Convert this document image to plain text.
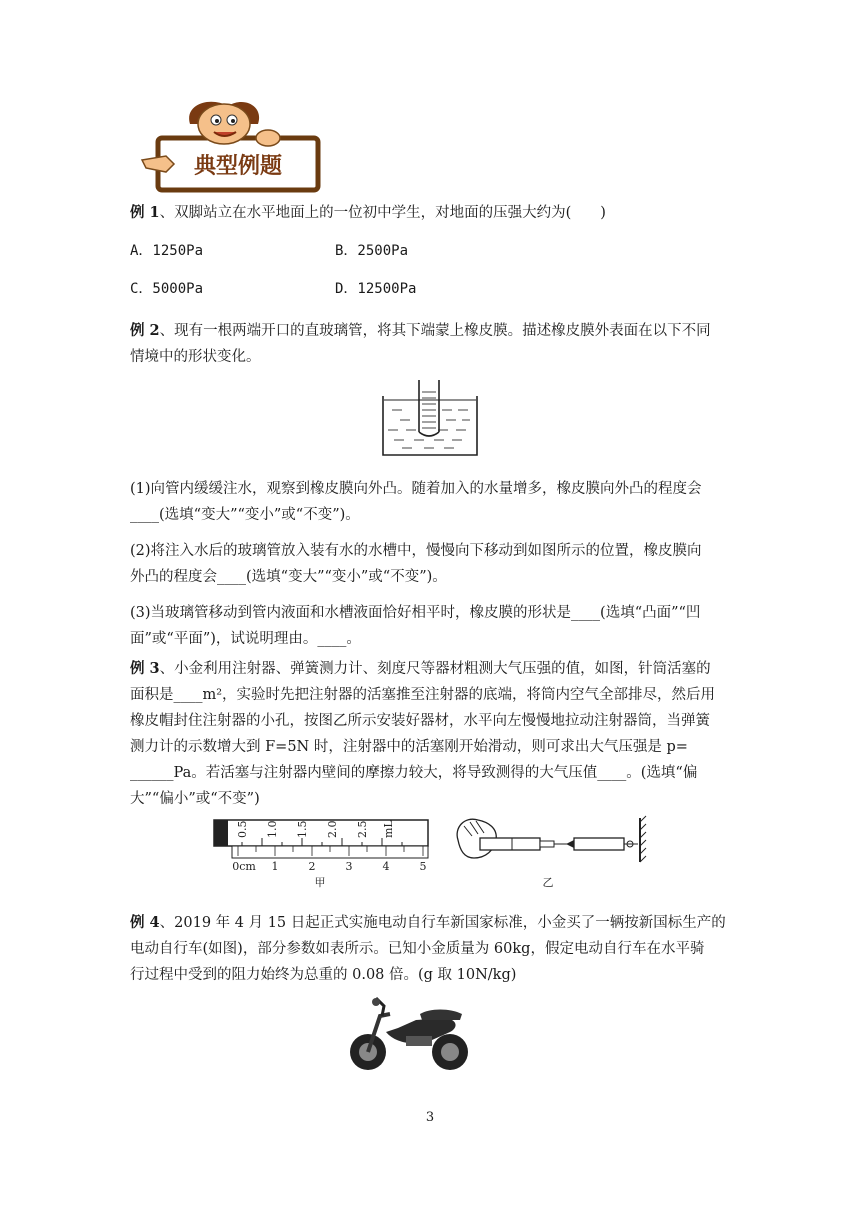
典型例题

例 1、双脚站立在水平地面上的一位初中学生，对地面的压强大约为(　　)

A．1250Pa	B．2500Pa
C．5000Pa	D．12500Pa

例 2、现有一根两端开口的直玻璃管，将其下端蒙上橡皮膜。描述橡皮膜外表面在以下不同
情境中的形状变化。

(1)向管内缓缓注水，观察到橡皮膜向外凸。随着加入的水量增多，橡皮膜向外凸的程度会
____(选填“变大”“变小”或“不变”)。

(2)将注入水后的玻璃管放入装有水的水槽中，慢慢向下移动到如图所示的位置，橡皮膜向
外凸的程度会____(选填“变大”“变小”或“不变”)。

(3)当玻璃管移动到管内液面和水槽液面恰好相平时，橡皮膜的形状是____(选填“凸面”“凹
面”或“平面”)，试说明理由。____。

例 3、小金利用注射器、弹簧测力计、刻度尺等器材粗测大气压强的值，如图，针筒活塞的
面积是____m²，实验时先把注射器的活塞推至注射器的底端，将筒内空气全部排尽，然后用
橡皮帽封住注射器的小孔，按图乙所示安装好器材，水平向左慢慢地拉动注射器筒，当弹簧
测力计的示数增大到 F=5N 时，注射器中的活塞刚开始滑动，则可求出大气压强是 p=
______Pa。若活塞与注射器内壁间的摩擦力较大，将导致测得的大气压值____。(选填“偏
大”“偏小”或“不变”)

0.5 1.0 1.5 2.0 2.5 mL
0cm 1	2	3	4	5
甲	乙

例 4、2019 年 4 月 15 日起正式实施电动自行车新国家标准，小金买了一辆按新国标生产的
电动自行车(如图)，部分参数如表所示。已知小金质量为 60kg，假定电动自行车在水平骑
行过程中受到的阻力始终为总重的 0.08 倍。(g 取 10N/kg)

3
